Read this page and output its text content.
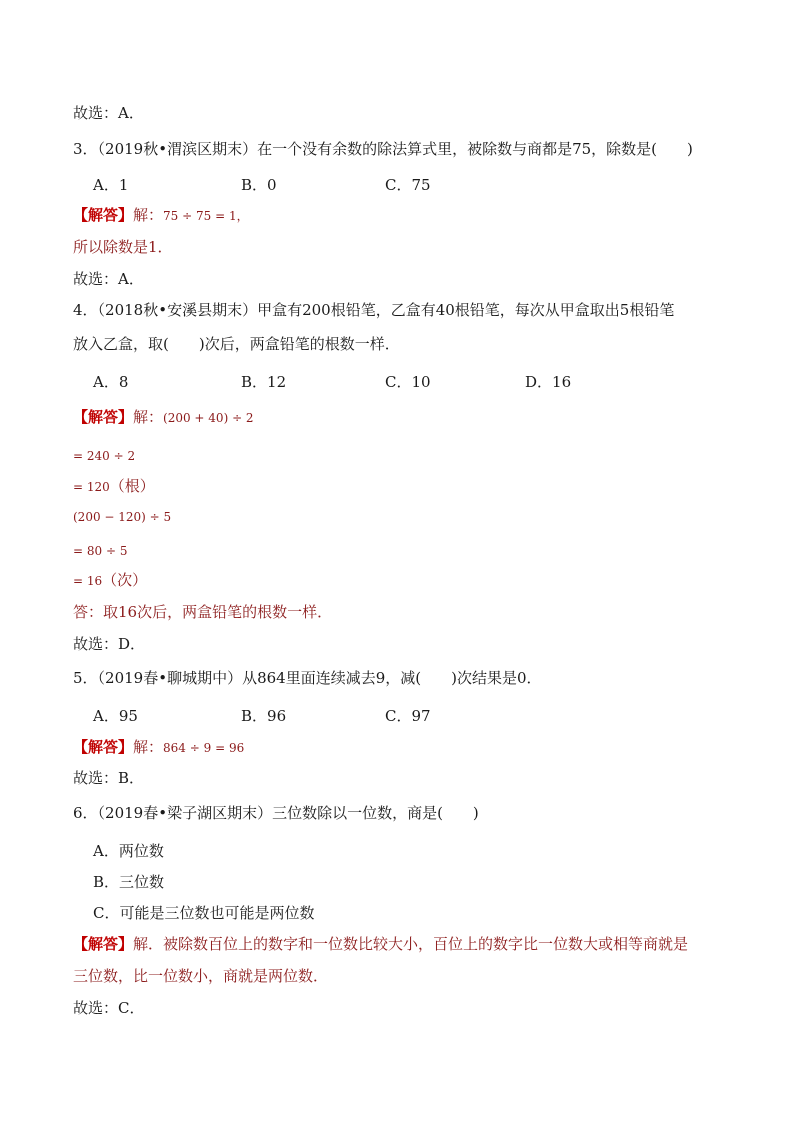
故选：A．
3．（2019秋•渭滨区期末）在一个没有余数的除法算式里，被除数与商都是75，除数是(　　)
A．1	B．0	C．75
【解答】解：75 ÷ 75 = 1，
所以除数是1．
故选：A．
4．（2018秋•安溪县期末）甲盒有200根铅笔，乙盒有40根铅笔，每次从甲盒取出5根铅笔
放入乙盒，取(　　)次后，两盒铅笔的根数一样．
A．8	B．12	C．10	D．16
【解答】解：(200 + 40) ÷ 2
= 240 ÷ 2
= 120（根）
(200 − 120) ÷ 5
= 80 ÷ 5
= 16（次）
答：取16次后，两盒铅笔的根数一样．
故选：D．
5．（2019春•聊城期中）从864里面连续减去9，减(　　)次结果是0．
A．95	B．96	C．97
【解答】解：864 ÷ 9 = 96
故选：B．
6．（2019春•梁子湖区期末）三位数除以一位数，商是(　　)
A．两位数
B．三位数
C．可能是三位数也可能是两位数
【解答】解．被除数百位上的数字和一位数比较大小，百位上的数字比一位数大或相等商就是
三位数，比一位数小，商就是两位数．
故选：C．
